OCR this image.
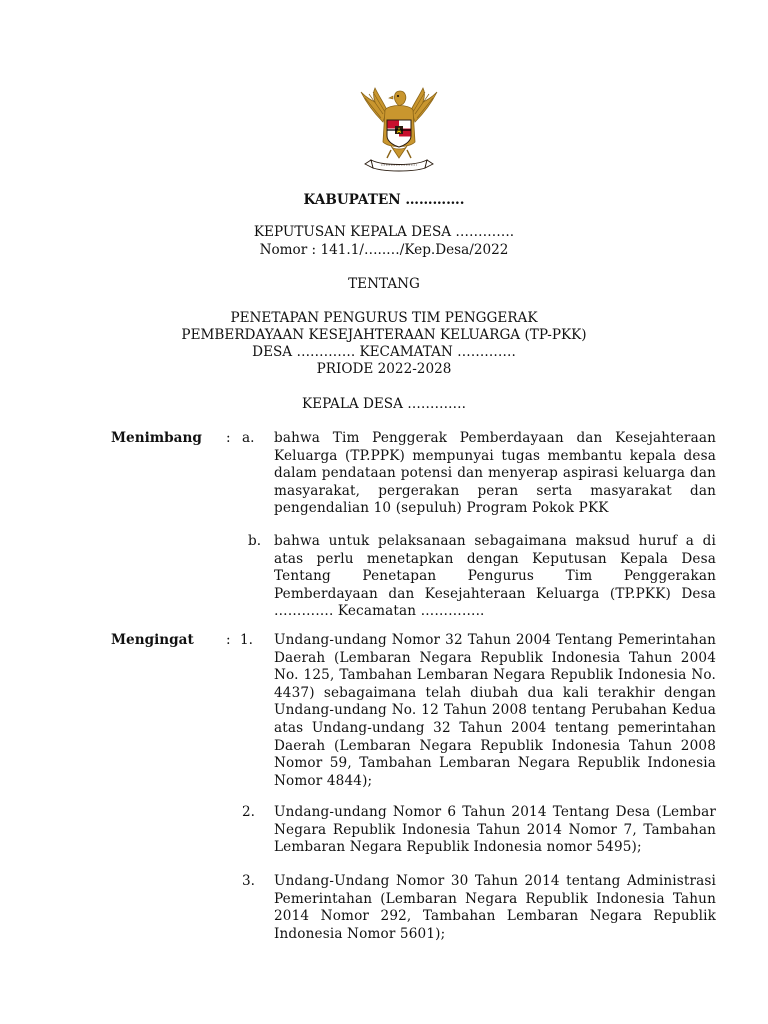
KABUPATEN ………….
KEPUTUSAN KEPALA DESA ………….
Nomor : 141.1/…..…/Kep.Desa/2022
TENTANG
PENETAPAN PENGURUS TIM PENGGERAK
PEMBERDAYAAN KESEJAHTERAAN KELUARGA (TP-PKK)
DESA …………. KECAMATAN ………….
PRIODE 2022-2028
KEPALA DESA ………….
Menimbang : a. bahwa Tim Penggerak Pemberdayaan dan Kesejahteraan Keluarga (TP.PPK) mempunyai tugas membantu kepala desa dalam pendataan potensi dan menyerap aspirasi keluarga dan masyarakat, pergerakan peran serta masyarakat dan pengendalian 10 (sepuluh) Program Pokok PKK
b. bahwa untuk pelaksanaan sebagaimana maksud huruf a di atas perlu menetapkan dengan Keputusan Kepala Desa Tentang Penetapan Pengurus Tim Penggerakan Pemberdayaan dan Kesejahteraan Keluarga (TP.PKK) Desa …………. Kecamatan …………..
Mengingat : 1. Undang-undang Nomor 32 Tahun 2004 Tentang Pemerintahan Daerah (Lembaran Negara Republik Indonesia Tahun 2004 No. 125, Tambahan Lembaran Negara Republik Indonesia No. 4437) sebagaimana telah diubah dua kali terakhir dengan Undang-undang No. 12 Tahun 2008 tentang Perubahan Kedua atas Undang-undang 32 Tahun 2004 tentang pemerintahan Daerah (Lembaran Negara Republik Indonesia Tahun 2008 Nomor 59, Tambahan Lembaran Negara Republik Indonesia Nomor 4844);
2. Undang-undang Nomor 6 Tahun 2014 Tentang Desa (Lembar Negara Republik Indonesia Tahun 2014 Nomor 7, Tambahan Lembaran Negara Republik Indonesia nomor 5495);
3. Undang-Undang Nomor 30 Tahun 2014 tentang Administrasi Pemerintahan (Lembaran Negara Republik Indonesia Tahun 2014 Nomor 292, Tambahan Lembaran Negara Republik Indonesia Nomor 5601);
